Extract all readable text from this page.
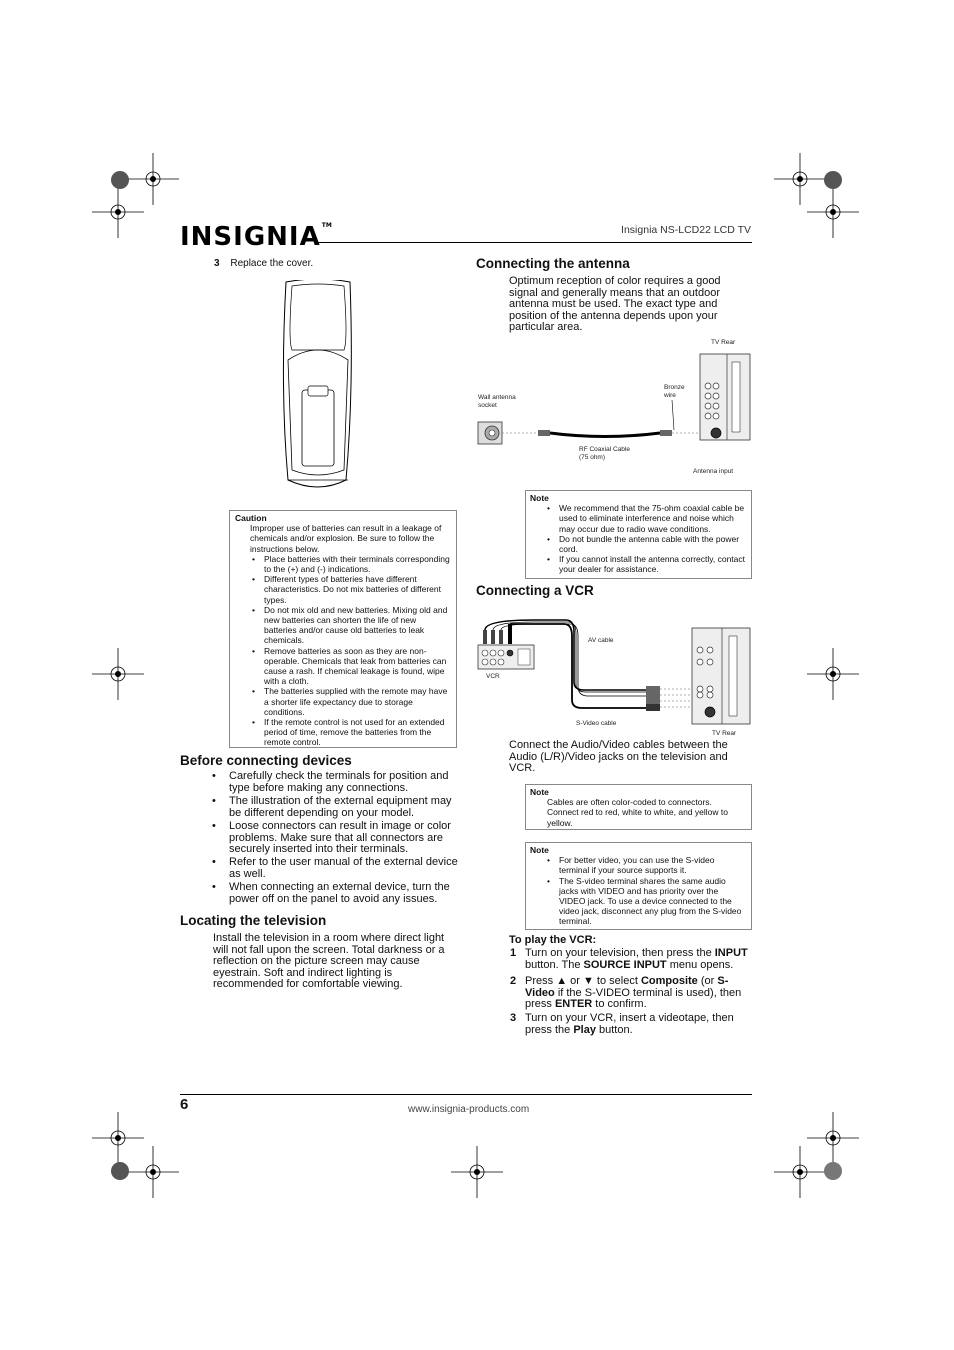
INSIGNIA™	Insignia NS-LCD22 LCD TV
3 Replace the cover.
Caution
Improper use of batteries can result in a leakage of chemicals and/or explosion. Be sure to follow the instructions below.
• Place batteries with their terminals corresponding to the (+) and (-) indications.
• Different types of batteries have different characteristics. Do not mix batteries of different types.
• Do not mix old and new batteries. Mixing old and new batteries can shorten the life of new batteries and/or cause old batteries to leak chemicals.
• Remove batteries as soon as they are non-operable. Chemicals that leak from batteries can cause a rash. If chemical leakage is found, wipe with a cloth.
• The batteries supplied with the remote may have a shorter life expectancy due to storage conditions.
• If the remote control is not used for an extended period of time, remove the batteries from the remote control.
Before connecting devices
• Carefully check the terminals for position and type before making any connections.
• The illustration of the external equipment may be different depending on your model.
• Loose connectors can result in image or color problems. Make sure that all connectors are securely inserted into their terminals.
• Refer to the user manual of the external device as well.
• When connecting an external device, turn the power off on the panel to avoid any issues.
Locating the television
Install the television in a room where direct light will not fall upon the screen. Total darkness or a reflection on the picture screen may cause eyestrain. Soft and indirect lighting is recommended for comfortable viewing.
Connecting the antenna
Optimum reception of color requires a good signal and generally means that an outdoor antenna must be used. The exact type and position of the antenna depends upon your particular area.
TV Rear
Bronze
wire
Wall antenna
socket
RF Coaxial Cable
(75 ohm)
Antenna input
Note
• We recommend that the 75-ohm coaxial cable be used to eliminate interference and noise which may occur due to radio wave conditions.
• Do not bundle the antenna cable with the power cord.
• If you cannot install the antenna correctly, contact your dealer for assistance.
Connecting a VCR
AV cable
VCR
S-Video cable
TV Rear
Connect the Audio/Video cables between the Audio (L/R)/Video jacks on the television and VCR.
Note
Cables are often color-coded to connectors. Connect red to red, white to white, and yellow to yellow.
Note
• For better video, you can use the S-video terminal if your source supports it.
• The S-video terminal shares the same audio jacks with VIDEO and has priority over the VIDEO jack. To use a device connected to the video jack, disconnect any plug from the S-video terminal.
To play the VCR:
1 Turn on your television, then press the INPUT button. The SOURCE INPUT menu opens.
2 Press ▲ or ▼ to select Composite (or S-Video if the S-VIDEO terminal is used), then press ENTER to confirm.
3 Turn on your VCR, insert a videotape, then press the Play button.
6	www.insignia-products.com
